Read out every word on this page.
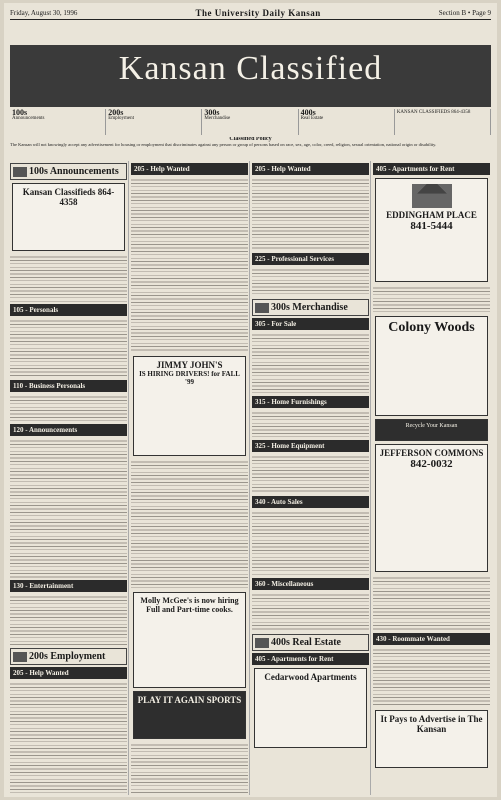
Friday, August 30, 1996	The University Daily Kansan	Section B • Page 9
Kansan Classified
100s
Announcements
200s
Employment
300s
Merchandise
400s
Real Estate
KANSAN CLASSIFIEDS 864-4358
Classified Policy
The Kansan will not knowingly accept any advertisement for housing or employment that discriminates against any person or group of persons based on race, sex, age, color, creed, religion, sexual orientation, national origin or disability.
100s Announcements
Kansan Classifieds 864-4358
105 - Personals
110 - Business Personals
120 - Announcements
130 - Entertainment
200s Employment
205 - Help Wanted
205 - Help Wanted
JIMMY JOHN'S
IS HIRING DRIVERS! for FALL '99
Molly McGee's is now hiring Full and Part-time cooks.
PLAY IT AGAIN SPORTS
205 - Help Wanted
225 - Professional Services
300s Merchandise
305 - For Sale
315 - Home Furnishings
325 - Home Equipment
340 - Auto Sales
360 - Miscellaneous
400s Real Estate
405 - Apartments for Rent
Cedarwood Apartments
405 - Apartments for Rent
EDDINGHAM PLACE
841-5444
Colony Woods
Recycle Your Kansan
JEFFERSON COMMONS
842-0032
430 - Roommate Wanted
It Pays to Advertise in The Kansan
